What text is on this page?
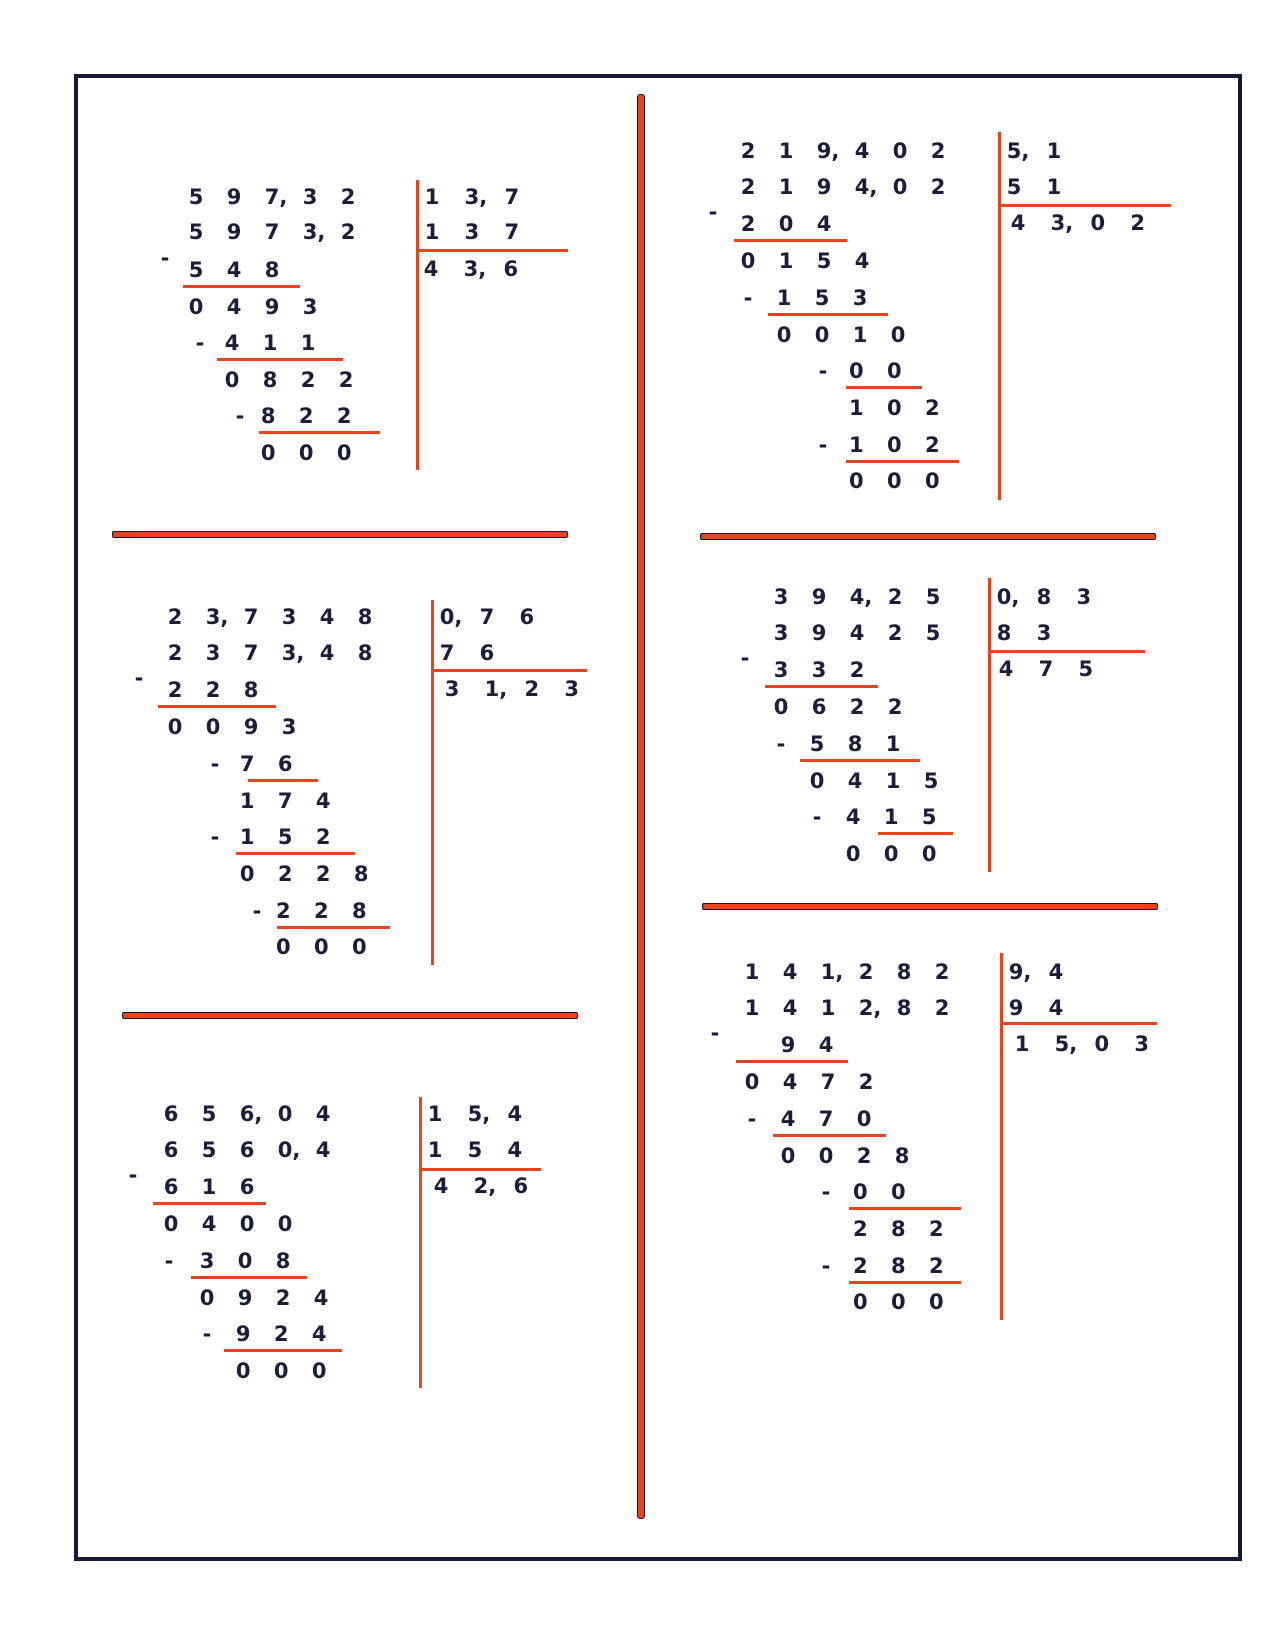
5 9 7, 3 2
5 9 7 3, 2
1 3, 7
1 3 7
4 3, 6
5 4 8
-
0 4 9 3
4 1 1
-
0 8 2 2
8 2 2
-
0 0 0
2 3, 7 3 4 8
2 3 7 3, 4 8
0, 7 6
7 6
3 1, 2 3
2 2 8
-
0 0 9 3
7 6
-
1 7 4
1 5 2
-
0 2 2 8
2 2 8
-
0 0 0
6 5 6, 0 4
6 5 6 0, 4
1 5, 4
1 5 4
4 2, 6
6 1 6
-
0 4 0 0
3 0 8
-
0 9 2 4
9 2 4
-
0 0 0
2 1 9, 4 0 2
2 1 9 4, 0 2
5, 1
5 1
4 3, 0 2
2 0 4
-
0 1 5 4
1 5 3
-
0 0 1 0
0 0
-
1 0 2
1 0 2
-
0 0 0
3 9 4, 2 5
3 9 4 2 5
0, 8 3
8 3
4 7 5
3 3 2
-
0 6 2 2
5 8 1
-
0 4 1 5
4 1 5
-
0 0 0
1 4 1, 2 8 2
1 4 1 2, 8 2
9, 4
9 4
1 5, 0 3
9 4
-
0 4 7 2
4 7 0
-
0 0 2 8
0 0
-
2 8 2
2 8 2
-
0 0 0
